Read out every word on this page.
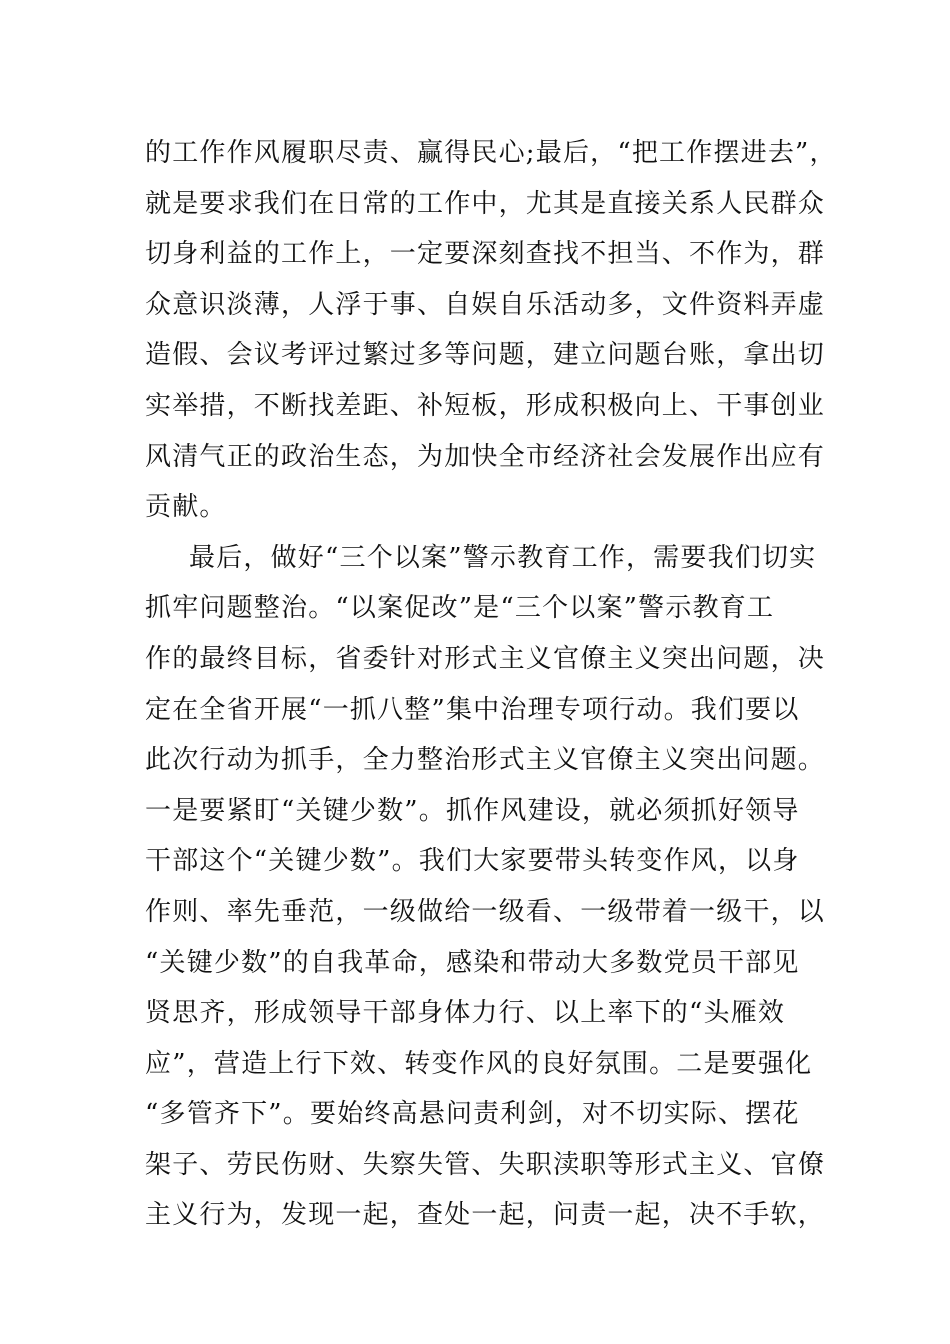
的工作作风履职尽责、赢得民心;最后，“把工作摆进去”，
就是要求我们在日常的工作中，尤其是直接关系人民群众
切身利益的工作上，一定要深刻查找不担当、不作为，群
众意识淡薄，人浮于事、自娱自乐活动多，文件资料弄虚
造假、会议考评过繁过多等问题，建立问题台账，拿出切
实举措，不断找差距、补短板，形成积极向上、干事创业
风清气正的政治生态，为加快全市经济社会发展作出应有
贡献。
最后，做好“三个以案”警示教育工作，需要我们切实
抓牢问题整治。“以案促改”是“三个以案”警示教育工
作的最终目标，省委针对形式主义官僚主义突出问题，决
定在全省开展“一抓八整”集中治理专项行动。我们要以
此次行动为抓手，全力整治形式主义官僚主义突出问题。
一是要紧盯“关键少数”。抓作风建设，就必须抓好领导
干部这个“关键少数”。我们大家要带头转变作风，以身
作则、率先垂范，一级做给一级看、一级带着一级干，以
“关键少数”的自我革命，感染和带动大多数党员干部见
贤思齐，形成领导干部身体力行、以上率下的“头雁效
应”，营造上行下效、转变作风的良好氛围。二是要强化
“多管齐下”。要始终高悬问责利剑，对不切实际、摆花
架子、劳民伤财、失察失管、失职渎职等形式主义、官僚
主义行为，发现一起，查处一起，问责一起，决不手软，
